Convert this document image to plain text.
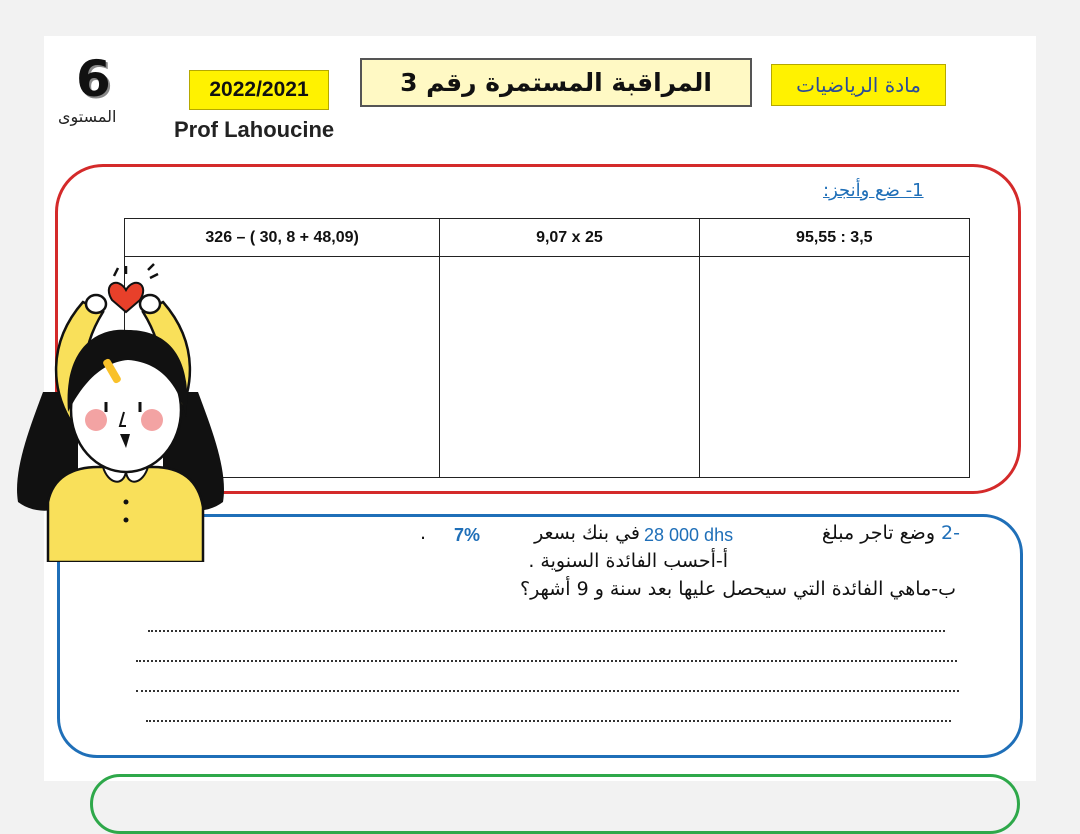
6
المستوى
2022/2021
Prof Lahoucine
المراقبة المستمرة رقم 3	مادة الرياضيات
1- ضع وأنجز:
326 – ( 30, 8 + 48,09)	9,07 x 25	95,55 : 3,5

-2 وضع تاجر مبلغ
28 000 dhs
في بنك بسعر
7%
.
أ-أحسب الفائدة السنوية .
ب-ماهي الفائدة التي سيحصل عليها بعد سنة و 9 أشهر؟
